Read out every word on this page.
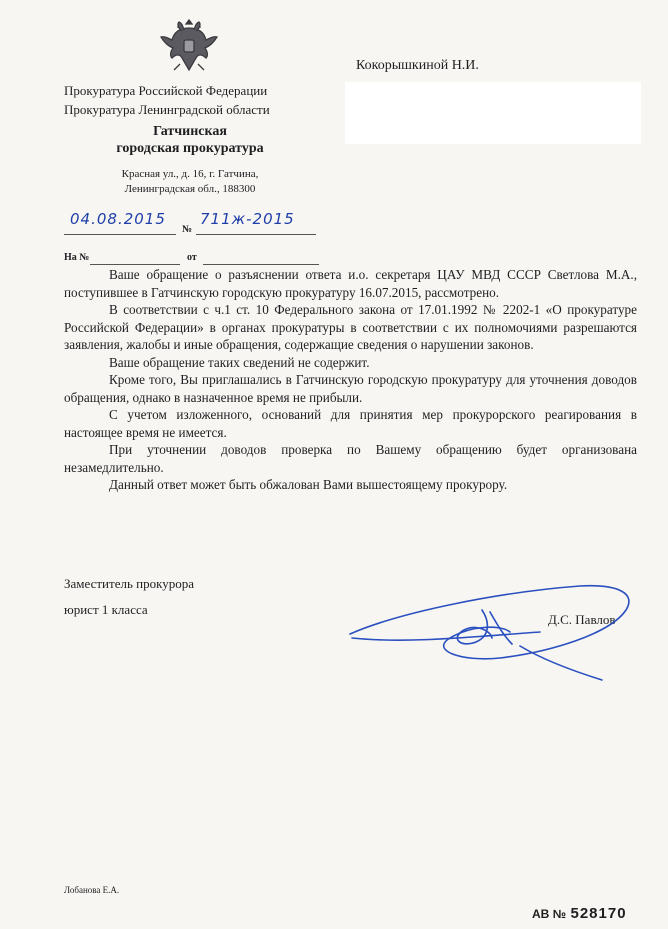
Прокуратура Российской Федерации
Прокуратура Ленинградской области
Гатчинская
городская прокуратура
Красная ул., д. 16, г. Гатчина,
Ленинградская обл., 188300
Кокорышкиной Н.И.
04.08.2015
№
711ж-2015
На №	от

Ваше обращение о разъяснении ответа и.о. секретаря ЦАУ МВД СССР Светлова М.А., поступившее в Гатчинскую городскую прокуратуру 16.07.2015, рассмотрено.

В соответствии с ч.1 ст. 10 Федерального закона от 17.01.1992 № 2202-1 «О прокуратуре Российской Федерации» в органах прокуратуры в соответствии с их полномочиями разрешаются заявления, жалобы и иные обращения, содержащие сведения о нарушении законов.

Ваше обращение таких сведений не содержит.

Кроме того, Вы приглашались в Гатчинскую городскую прокуратуру для уточнения доводов обращения, однако в назначенное время не прибыли.

С учетом изложенного, оснований для принятия мер прокурорского реагирования в настоящее время не имеется.

При уточнении доводов проверка по Вашему обращению будет организована незамедлительно.

Данный ответ может быть обжалован Вами вышестоящему прокурору.

Заместитель прокурора
юрист 1 класса
Д.С. Павлов
Лобанова Е.А.
АВ № 528170
